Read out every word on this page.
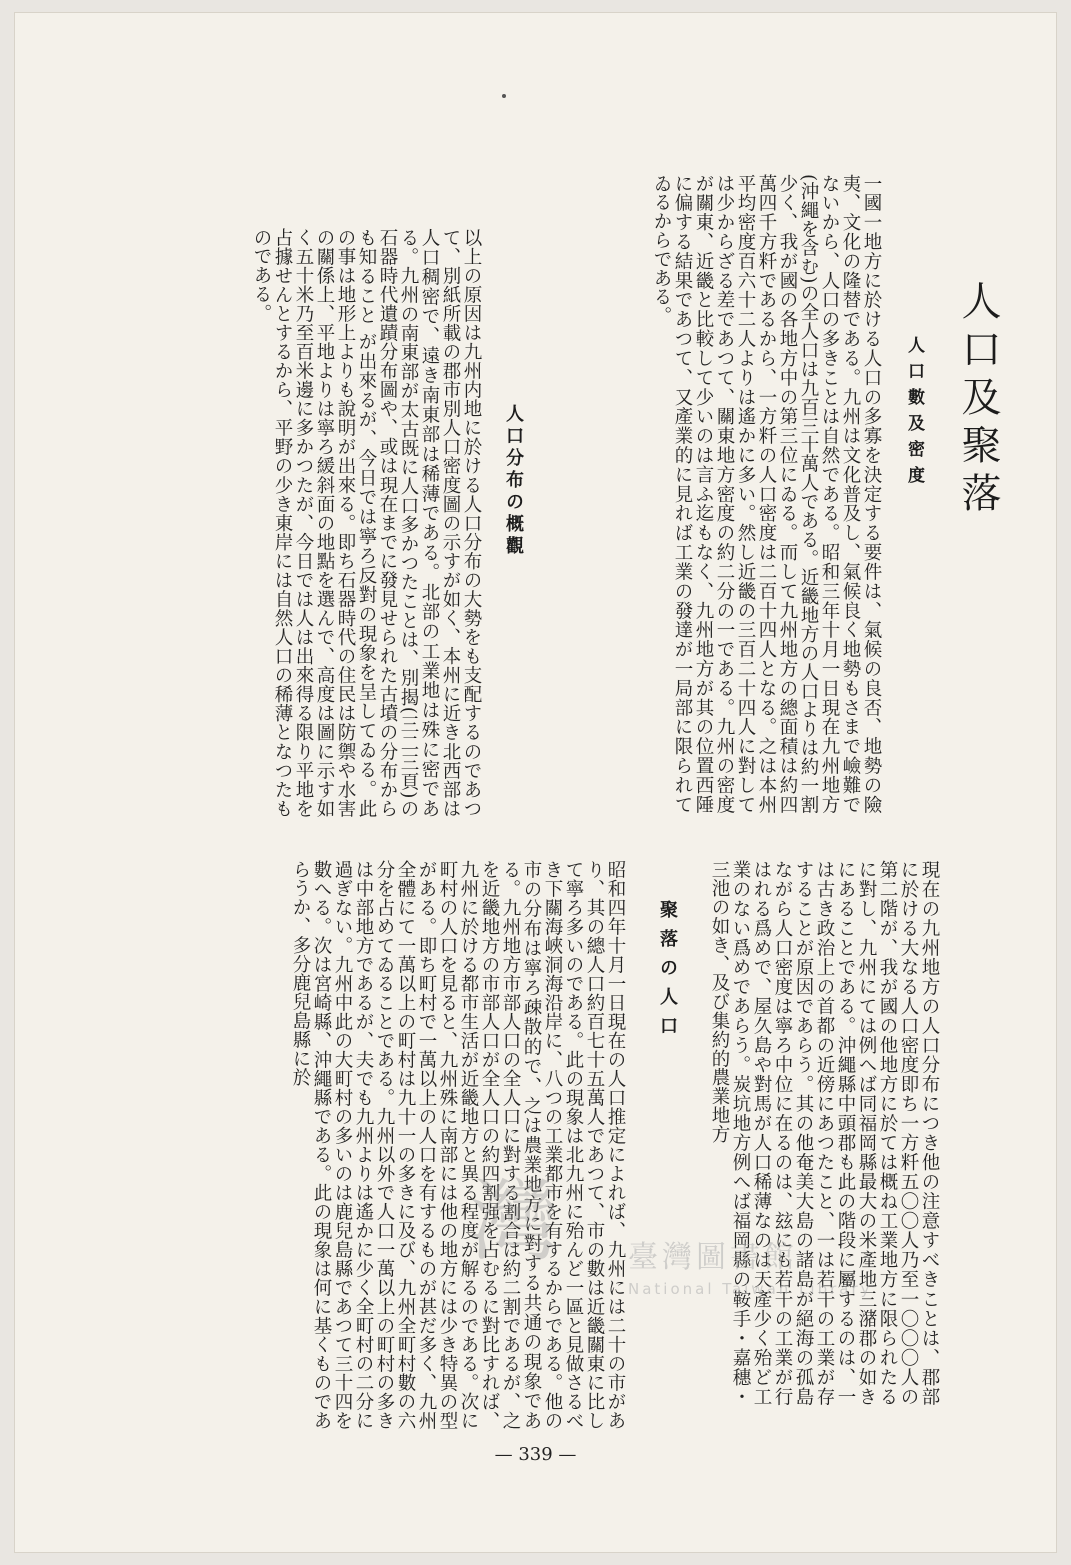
人口及聚落
人口數及密度

一國一地方に於ける人口の多寡を決定する要件は、氣候の良否、地勢の險夷、文化の隆替である。九州は文化普及し、氣候良く地勢もさまで嶮難でないから、人口の多きことは自然である。昭和三年十月一日現在九州地方(沖繩を含む)の全人口は九百三十萬人である。近畿地方の人口よりは約一割少く、我が國の各地方中の第三位にゐる。而して九州地方の總面積は約四萬四千方粁であるから、一方粁の人口密度は二百十四人となる。之は本州平均密度百六十二人よりは遙かに多い。然し近畿の三百二十四人に對しては少からざる差であつて、關東地方密度の約二分の一である。九州の密度が關東、近畿と比較して少いのは言ふ迄もなく、九州地方が其の位置西陲に偏する結果であつて、又產業的に見れば工業の發達が一局部に限られてゐるからである。

人口分布の概觀

以上の原因は九州内地に於ける人口分布の大勢をも支配するのであつて、別紙所載の郡市別人口密度圖の示すが如く、本州に近き北西部は人口稠密で、遠き南東部は稀薄である。北部の工業地は殊に密である。九州の南東部が太古既に人口多かつたことは、別揭(三二三頁)の石器時代遺蹟分布圖や、或は現在までに發見せられた古墳の分布からも知ること が出來るが、今日では寧ろ反對の現象を呈してゐる。此の事は地形上よりも說明が出來る。即ち石器時代の住民は防禦や水害の關係上、平地よりは寧ろ緩斜面の地點を選んで、高度は圖に示す如く五十米乃至百米邊に多かつたが、今日では人は出來得る限り平地を占據せんとするから、平野の少き東岸には自然人口の稀薄となつたものである。

現在の九州地方の人口分布につき他の注意すべきことは、郡部に於ける大なる人口密度即ち一方粁五〇〇人乃至一〇〇〇人の第二階が、我が國の他地方に於ては概ね工業地方に限られたるに對し、九州にては例へば同福岡縣最大の米產地三潴郡の如きにあることである。沖繩縣中頭郡も此の階段に屬するのは、一は古き政治上の首都の近傍にあつたこと、一は若干の工業が存することが原因であらう。其の他奄美大島の諸島が絕海の孤島ながら人口密度は寧ろ中位に在るのは、玆にも若干の工業が行はれる爲めで、屋久島や對馬が人口稀薄なのは天產少く殆ど工業のない爲めであらう。炭坑地方例へば福岡縣の鞍手・嘉穗・三池の如き、及び集約的農業地方

聚落の人口

昭和四年十月一日現在の人口推定によれば、九州には二十の市があり、其の總人口約百七十五萬人であつて、市の數は近畿關東に比して寧ろ多いのである。此の現象は北九州に殆んど一區と見做さるべき下關海峽洞海沿岸に、八つの工業都市を有するからである。他の市の分布は寧ろ疎散的で、之は農業地方に對する共通の現象である。九州地方市部人口の全人口に對する割合は約二割であるが、之を近畿地方の市部人口が全人口の約四割强を占むるに對比すれば、九州に於ける都市生活が近畿地方と異る程度が解るのである。次に町村の人口を見ると、九州殊に南部には他の地方には少き特異の型がある。即ち町村で一萬以上の人口を有するものが甚だ多く、九州全體にて一萬以上の町村は九十一の多きに及び、九州全町村數の六分を占めてゐることである。九州以外で人口一萬以上の町村の多きは中部地方であるが、夫でも九州よりは遙かに少く全町村の二分に過ぎない。九州中此の大町村の多いのは鹿兒島縣であつて三十四を數へる。次は宮崎縣、沖繩縣である。此の現象は何に基くものであらうか、多分鹿兒島縣に於

灣	臺灣圖書館
National Taiwan Library
— 339 —
